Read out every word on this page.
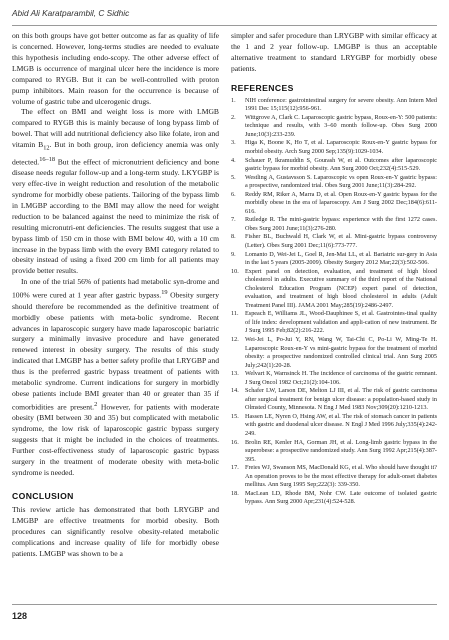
Abid Ali Karatparambil, C Sidhic

on this both groups have got better outcome as far as quality of life is concerned. However, long-terms studies are needed to evaluate this hypothesis including endo-scopy. The other adverse effect of LMGB is occurrence of marginal ulcer here the incidence is more compared to RYGB. But it can be well-controlled with proton pump inhibitors. Main reason for the occurrence is because of volume of gastric tube and ulcerogenic drugs.

The effect on BMI and weight loss is more with LMGB compared to RYGB this is mainly because of long bypass limb of bowel. That will add nutritional deficiency also like folate, iron and vitamin $B_{12}$. But in both group, iron deficiency anemia was only detected.$^{16-18}$ But the effect of micronutrient deficiency and bone disease needs regular follow-up and a long-term study. LKYGBP is very effec-tive in weight reduction and resolution of the metabolic syndrome for morbidly obese patients. Tailoring of the bypass limb in LMGBP according to the BMI may allow the need for weight reduction to be balanced against the need to minimize the risk of resulting micronutri-ent deficiencies. The results suggest that use a bypass limb of 150 cm in those with BMI below 40, with a 10 cm increase in the bypass limb with the every BMI category related to obesity instead of using a fixed 200 cm limb for all patients may provide better results.

In one of the trial 56% of patients had metabolic syn-drome and 100% were cured at 1 year after gastric bypass.$^{19}$ Obesity surgery should therefore be recommended as the definitive treatment of morbidly obese patients with meta-bolic syndrome. Recent advances in laparoscopic surgery have made laparoscopic bariatric surgery a minimally invasive procedure and have generated renewed interest in obesity surgery. The results of this study indicated that LMGBP has a better safety profile that LRYGBP and thus is the preferred gastric bypass treatment of patients with metabolic syndrome. Current indications for surgery in morbidly obese patients include BMI greater than 40 or greater than 35 if comorbidities are present.$^2$ However, for patients with moderate obesity (BMI between 30 and 35) but complicated with metabolic syndrome, the low risk of laparoscopic gastric bypass surgery suggests that it might be included in the choices of treatments. Further cost-effectiveness study of laparoscopic gastric bypass surgery in the treatment of moderate obesity with meta-bolic syndrome is needed.

CONCLUSION

This review article has demonstrated that both LRYGBP and LMGBP are effective treatments for morbid obesity. Both procedures can significantly resolve obesity-related metabolic complications and increase quality of life for morbidly obese patients. LMGBP was shown to be a

simpler and safer procedure than LRYGBP with similar efficacy at the 1 and 2 year follow-up. LMGBP is thus an acceptable alternative treatment to standard LRYGBP for morbidly obese patients.

REFERENCES
1. NIH conference: gastrointestinal surgery for severe obesity. Ann Intern Med 1991 Dec 15;115(12):956-961.
2. Wittgrove A, Clark C. Laparoscopic gastric bypass, Roux-en-Y: 500 patients: technique and results, with 3–60 month follow-up. Obes Surg 2000 June;10(3):233-239.
3. Higa K, Boone K, Ho T, et al. Laparoscopic Roux-en-Y gastric bypass for morbid obesity. Arch Surg 2000 Sep;135(9):1029-1034.
4. Schauer P, Ikramuddin S, Gourash W, et al. Outcomes after laparoscopic gastric bypass for morbid obesity. Ann Surg 2000 Oct;232(4):515-529.
5. Westling A, Gustavsson S. Laparoscopic vs open Roux-en-Y gastric bypass: a prospective, randomized trial. Obes Surg 2001 June;11(3):284-292.
6. Reddy RM, Riker A, Marra D, et al. Open Roux-en-Y gastric bypass for the morbidly obese in the era of laparoscopy. Am J Surg 2002 Dec;184(6):611-616.
7. Rutledge R. The mini-gastric bypass: experience with the first 1272 cases. Obes Surg 2001 June;11(3):276-280.
8. Fisher BL, Buchwald H, Clark W, et al. Mini-gastric bypass controversy (Letter). Obes Surg 2001 Dec;11(6):773-777.
9. Lomanto D, Wei-Jei L, Goel R, Jen-Mai LL, et al. Bariatric sur-gery in Asia in the last 5 years (2005-2009). Obesity Surgery 2012 Mar;22(3):502-506.
10. Expert panel on detection, evaluation, and treatment of high blood cholesterol in adults. Executive summary of the third report of the National Cholesterol Education Program (NCEP) expert panel of detection, evaluation, and treatment of high blood cholesterol in adults (Adult Treatment Panel III). JAMA 2001 May;285(19):2486-2497.
11. Espeach E, Williams JL, Wood-Dauphinee S, et al. Gastrointes-tinal quality of life index: development validation and appli-cation of new instrument. Br J Surg 1995 Feb;82(2):216-222.
12. Wei-Jei L, Po-Jui Y, RN, Wang W, Tai-Chi C, Po-Li W, Ming-Te H. Laparoscopic Roux-en-Y vs mini-gastric bypass for the treatment of morbid obesity: a prospective randomized controlled clinical trial. Ann Surg 2005 July;242(1):20-28.
13. Welvart K, Warnsinck H. The incidence of carcinoma of the gastric remnant. J Surg Oncol 1982 Oct;21(2):104-106.
14. Schafer LW, Larson DE, Melton LJ III, et al. The risk of gastric carcinoma after surgical treatment for benign ulcer disease: a population-based study in Olmsted County, Minnesota. N Eng J Med 1983 Nov;309(20):1210-1213.
15. Hassen LE, Nyren O, Hsing AW, et al. The risk of stomach cancer in patients with gastric and duodenal ulcer disease. N Engl J Med 1996 July;335(4):242-249.
16. Brolin RE, Kenler HA, Gorman JH, et al. Long-limb gastric bypass in the superobese: a prospective randomized study. Ann Surg 1992 Apr;215(4):387-395.
17. Freies WJ, Swanson MS, MacDonald KG, et al. Who should have thought it? An operation proves to be the most effective therapy for adult-onset diabetes mellitus. Ann Surg 1995 Sep;222(3): 339-350.
18. MacLean LD, Rhode BM, Nohr CW. Late outcome of isolated gastric bypass. Ann Surg 2000 Apr;231(4):524-528.
128
